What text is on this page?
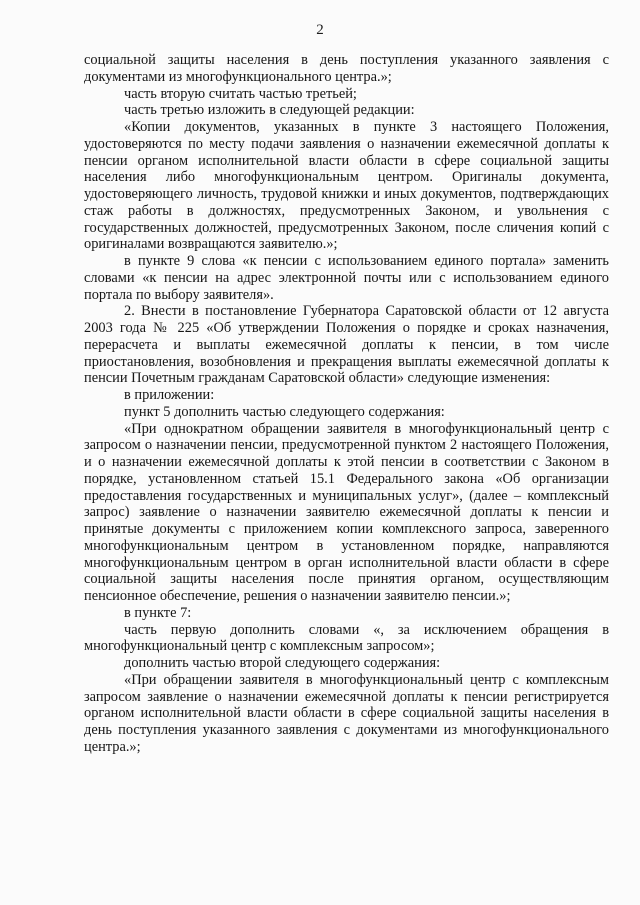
2

социальной защиты населения в день поступления указанного заявления с документами из многофункционального центра.»;

часть вторую считать частью третьей;

часть третью изложить в следующей редакции:

«Копии документов, указанных в пункте 3 настоящего Положения, удостоверяются по месту подачи заявления о назначении ежемесячной доплаты к пенсии органом исполнительной власти области в сфере социальной защиты населения либо многофункциональным центром. Оригиналы документа, удостоверяющего личность, трудовой книжки и иных документов, подтверждающих стаж работы в должностях, предусмотренных Законом, и увольнения с государственных должностей, предусмотренных Законом, после сличения копий с оригиналами возвращаются заявителю.»;

в пункте 9 слова «к пенсии с использованием единого портала» заменить словами «к пенсии на адрес электронной почты или с использованием единого портала по выбору заявителя».

2. Внести в постановление Губернатора Саратовской области от 12 августа 2003 года № 225 «Об утверждении Положения о порядке и сроках назначения, перерасчета и выплаты ежемесячной доплаты к пенсии, в том числе приостановления, возобновления и прекращения выплаты ежемесячной доплаты к пенсии Почетным гражданам Саратовской области» следующие изменения:

в приложении:

пункт 5 дополнить частью следующего содержания:

«При однократном обращении заявителя в многофункциональный центр с запросом о назначении пенсии, предусмотренной пунктом 2 настоящего Положения, и о назначении ежемесячной доплаты к этой пенсии в соответствии с Законом в порядке, установленном статьей 15.1 Федерального закона «Об организации предоставления государственных и муниципальных услуг», (далее – комплексный запрос) заявление о назначении заявителю ежемесячной доплаты к пенсии и принятые документы с приложением копии комплексного запроса, заверенного многофункциональным центром в установленном порядке, направляются многофункциональным центром в орган исполнительной власти области в сфере социальной защиты населения после принятия органом, осуществляющим пенсионное обеспечение, решения о назначении заявителю пенсии.»;

в пункте 7:

часть первую дополнить словами «, за исключением обращения в многофункциональный центр с комплексным запросом»;

дополнить частью второй следующего содержания:

«При обращении заявителя в многофункциональный центр с комплексным запросом заявление о назначении ежемесячной доплаты к пенсии регистрируется органом исполнительной власти области в сфере социальной защиты населения в день поступления указанного заявления с документами из многофункционального центра.»;
